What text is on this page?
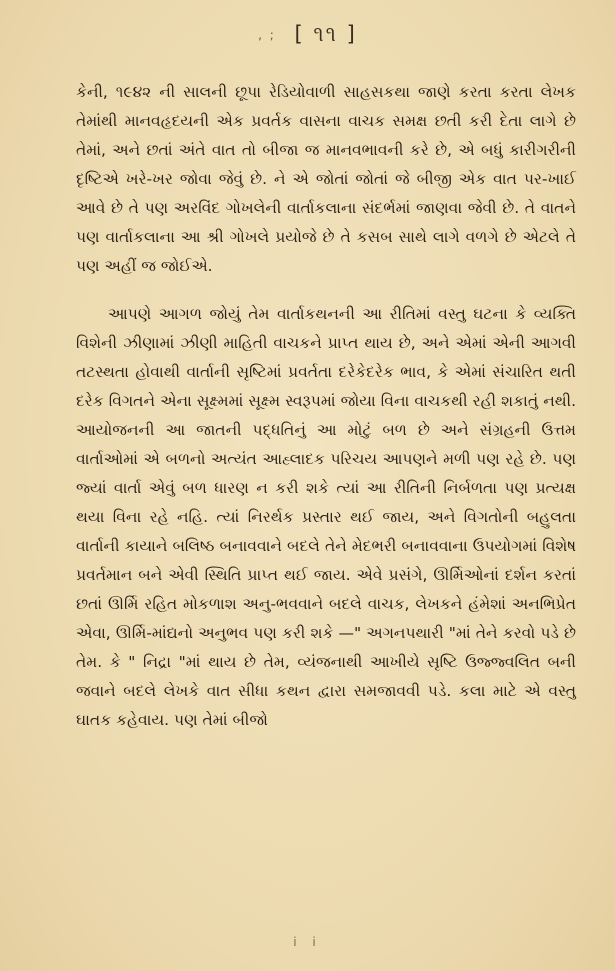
, ; [ ૧૧ ]

કેની, ૧૯૪૨ ની સાલની છૂપા રેડિયોવાળી સાહસકથા જાણે કરતા કરતા લેખક તેમાંથી માનવહૃદયની એક પ્રવર્તક વાસના વાચક સમક્ષ છતી કરી દેતા લાગે છે તેમાં, અને છતાં અંતે વાત તો બીજા જ માનવભાવની કરે છે, એ બધું કારીગરીની દૃષ્ટિએ ખરે-ખર જોવા જેવું છે. ને એ જોતાં જોતાં જે બીજી એક વાત પર-ખાઈ આવે છે તે પણ અરવિંદ ગોખલેની વાર્તાકલાના સંદર્ભમાં જાણવા જેવી છે. તે વાતને પણ વાર્તાકલાના આ શ્રી ગોખલે પ્રયોજે છે તે કસબ સાથે લાગે વળગે છે એટલે તે પણ અહીં જ જોઈએ.

આપણે આગળ જોયું તેમ વાર્તાકથનની આ રીતિમાં વસ્તુ ઘટના કે વ્યક્તિ વિશેની ઝીણામાં ઝીણી માહિતી વાચકને પ્રાપ્ત થાય છે, અને એમાં એની આગવી તટસ્થતા હોવાથી વાર્તાની સૃષ્ટિમાં પ્રવર્તતા દરેકેદરેક ભાવ, કે એમાં સંચારિત થતી દરેક વિગતને એના સૂક્ષ્મમાં સૂક્ષ્મ સ્વરૂપમાં જોયા વિના વાચકથી રહી શકાતું નથી. આયોજનની આ જાતની પદ્ધતિનું આ મોટું બળ છે અને સંગ્રહની ઉત્તમ વાર્તાઓમાં એ બળનો અત્યંત આહ્લાદક પરિચય આપણને મળી પણ રહે છે. પણ જ્યાં વાર્તા એવું બળ ધારણ ન કરી શકે ત્યાં આ રીતિની નિર્બળતા પણ પ્રત્યક્ષ થયા વિના રહે નહિ. ત્યાં નિરર્થક પ્રસ્તાર થઈ જાય, અને વિગતોની બહુલતા વાર્તાની કાયાને બલિષ્ઠ બનાવવાને બદલે તેને મેદભરી બનાવવાના ઉપયોગમાં વિશેષ પ્રવર્તમાન બને એવી સ્થિતિ પ્રાપ્ત થઈ જાય. એવે પ્રસંગે, ઊર્મિઓનાં દર્શન કરતાં છતાં ઊર્મિ રહિત મોકળાશ અનુ-ભવવાને બદલે વાચક, લેખકને હંમેશાં અનભિપ્રેત એવા, ઊર્મિ-માંદ્યનો અનુભવ પણ કરી શકે —" અગનપથારી "માં તેને કરવો પડે છે તેમ. કે " નિદ્રા "માં થાય છે તેમ, વ્યંજનાથી આખીયે સૃષ્ટિ ઉજ્જ્વલિત બની જવાને બદલે લેખકે વાત સીધા કથન દ્વારા સમજાવવી પડે. કલા માટે એ વસ્તુ ઘાતક કહેવાય. પણ તેમાં બીજો

ⅰ ⅰ
